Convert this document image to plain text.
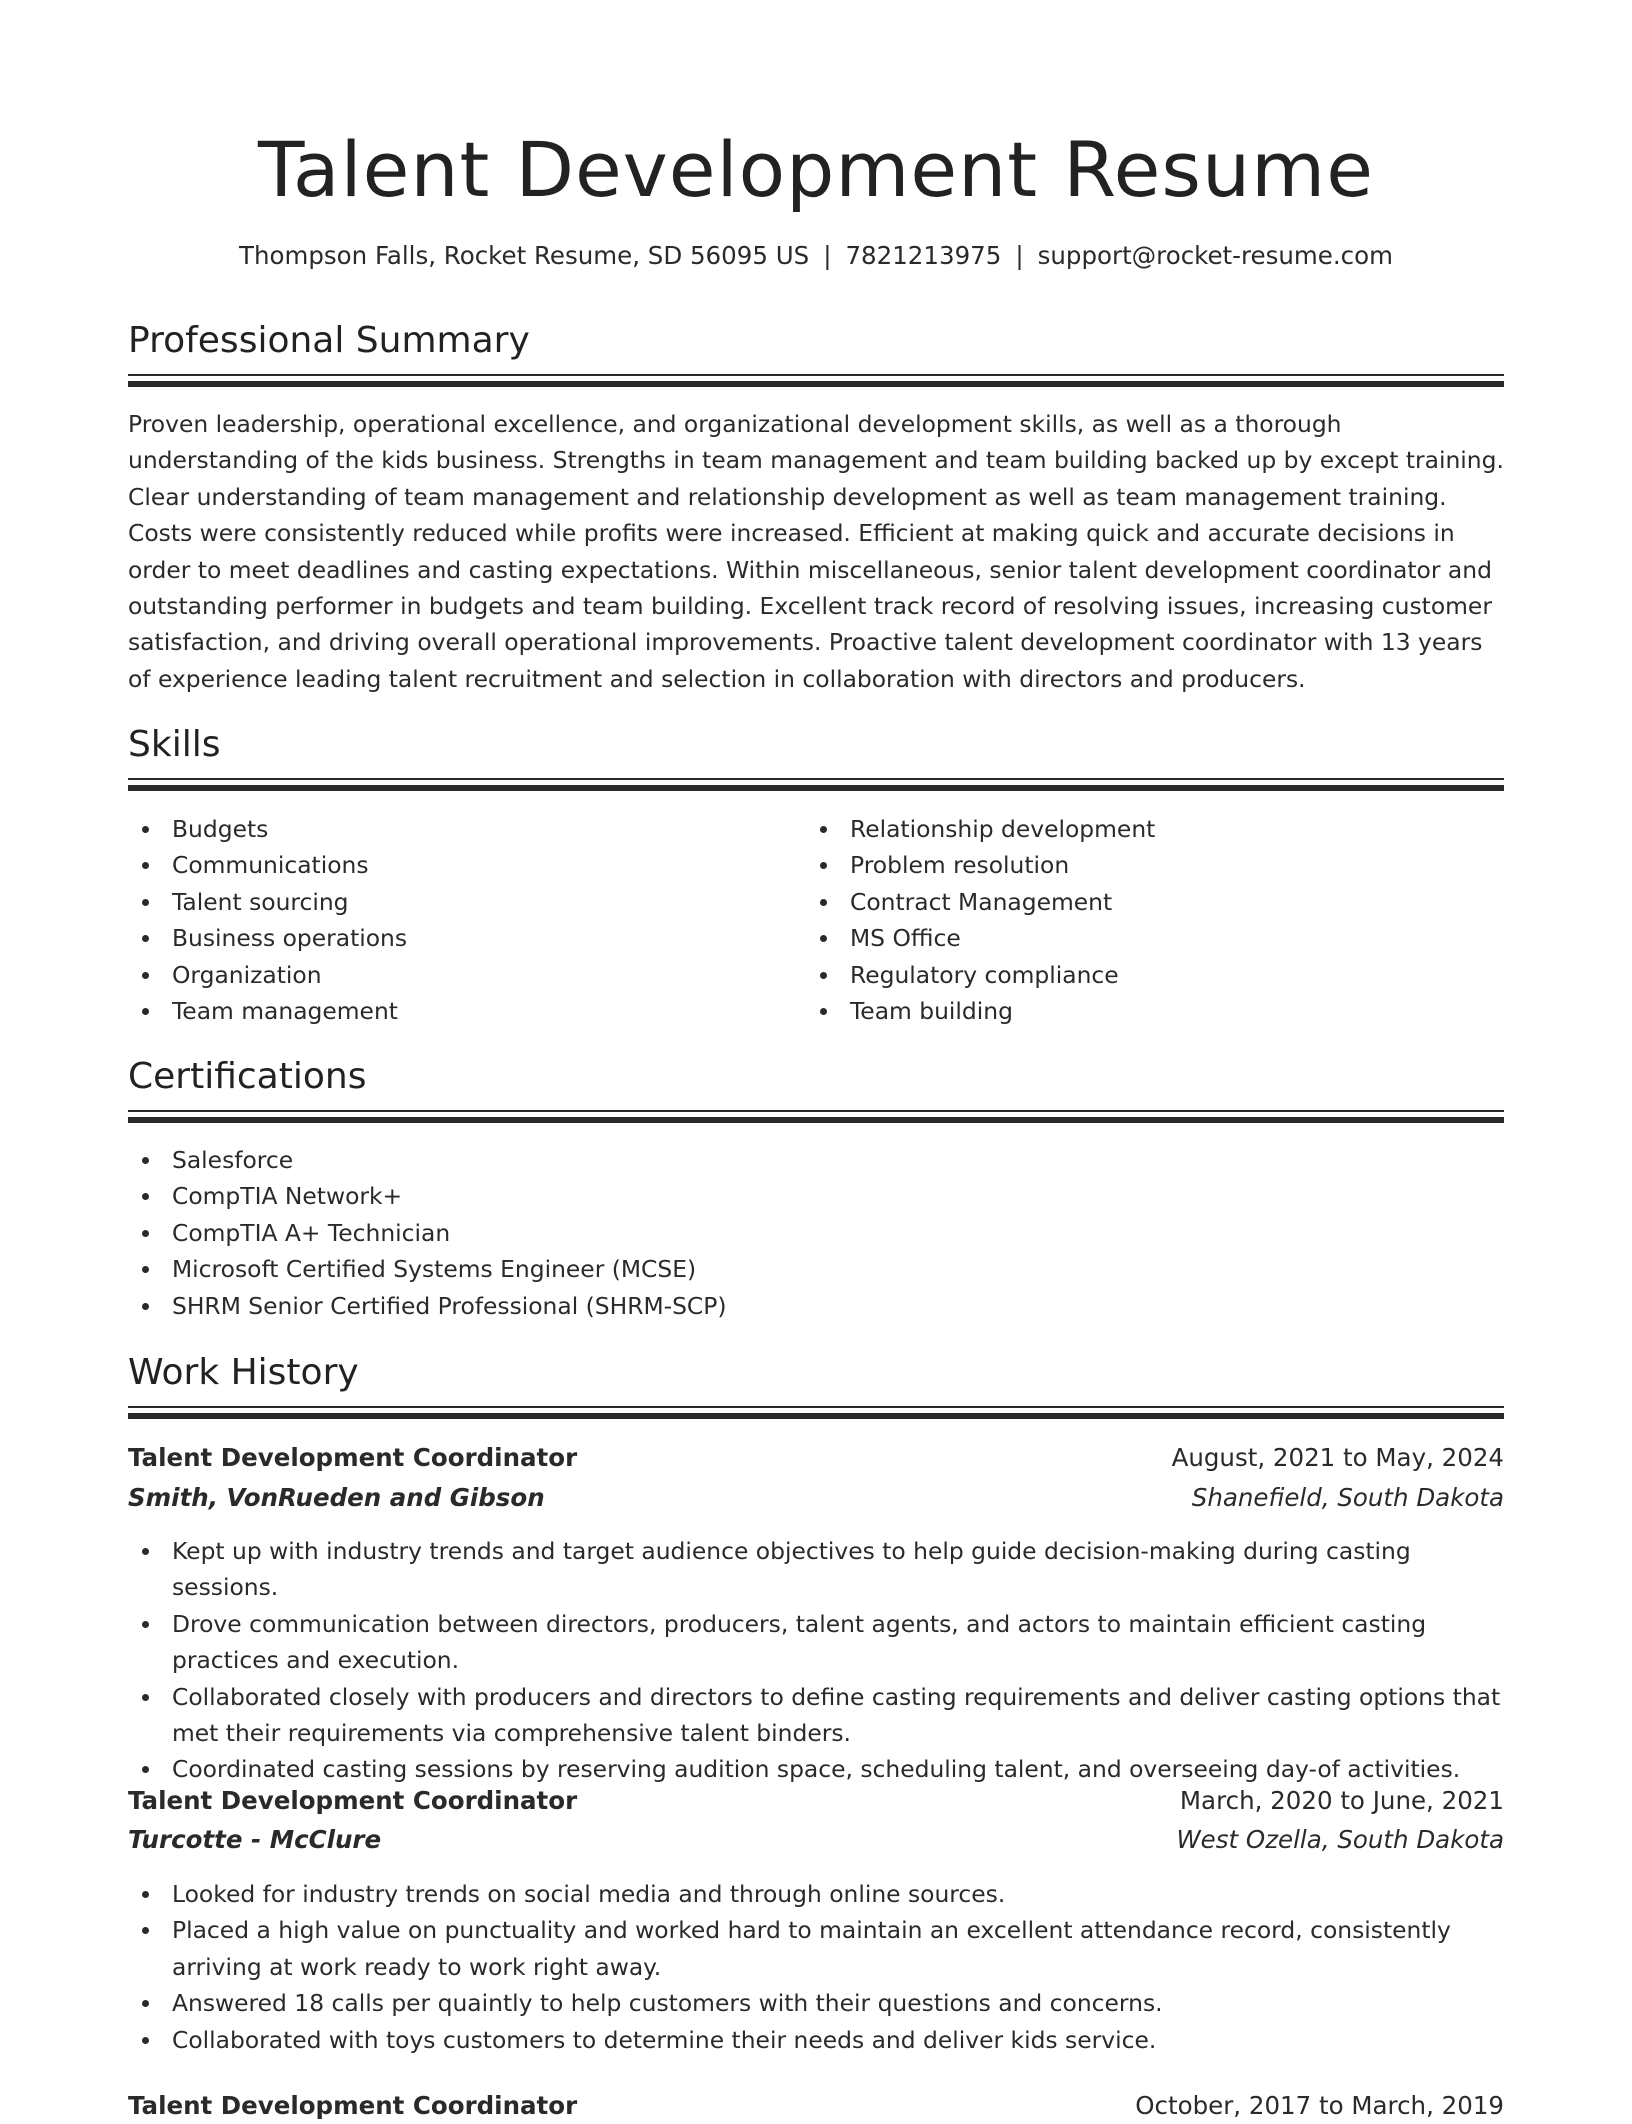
Talent Development Resume
Thompson Falls, Rocket Resume, SD 56095 US | 7821213975 | support@rocket-resume.com
Professional Summary

Proven leadership, operational excellence, and organizational development skills, as well as a thorough understanding of the kids business. Strengths in team management and team building backed up by except training. Clear understanding of team management and relationship development as well as team management training. Costs were consistently reduced while profits were increased. Efficient at making quick and accurate decisions in order to meet deadlines and casting expectations. Within miscellaneous, senior talent development coordinator and outstanding performer in budgets and team building. Excellent track record of resolving issues, increasing customer satisfaction, and driving overall operational improvements. Proactive talent development coordinator with 13 years of experience leading talent recruitment and selection in collaboration with directors and producers.

Skills
Budgets
Communications
Talent sourcing
Business operations
Organization
Team management
Relationship development
Problem resolution
Contract Management
MS Office
Regulatory compliance
Team building
Certifications
Salesforce
CompTIA Network+
CompTIA A+ Technician
Microsoft Certified Systems Engineer (MCSE)
SHRM Senior Certified Professional (SHRM-SCP)
Work History
Talent Development Coordinator	August, 2021 to May, 2024
Smith, VonRueden and Gibson	Shanefield, South Dakota
Kept up with industry trends and target audience objectives to help guide decision-making during casting sessions.
Drove communication between directors, producers, talent agents, and actors to maintain efficient casting practices and execution.
Collaborated closely with producers and directors to define casting requirements and deliver casting options that met their requirements via comprehensive talent binders.
Coordinated casting sessions by reserving audition space, scheduling talent, and overseeing day-of activities.
Talent Development Coordinator	March, 2020 to June, 2021
Turcotte - McClure	West Ozella, South Dakota
Looked for industry trends on social media and through online sources.
Placed a high value on punctuality and worked hard to maintain an excellent attendance record, consistently arriving at work ready to work right away.
Answered 18 calls per quaintly to help customers with their questions and concerns.
Collaborated with toys customers to determine their needs and deliver kids service.
Talent Development Coordinator	October, 2017 to March, 2019
